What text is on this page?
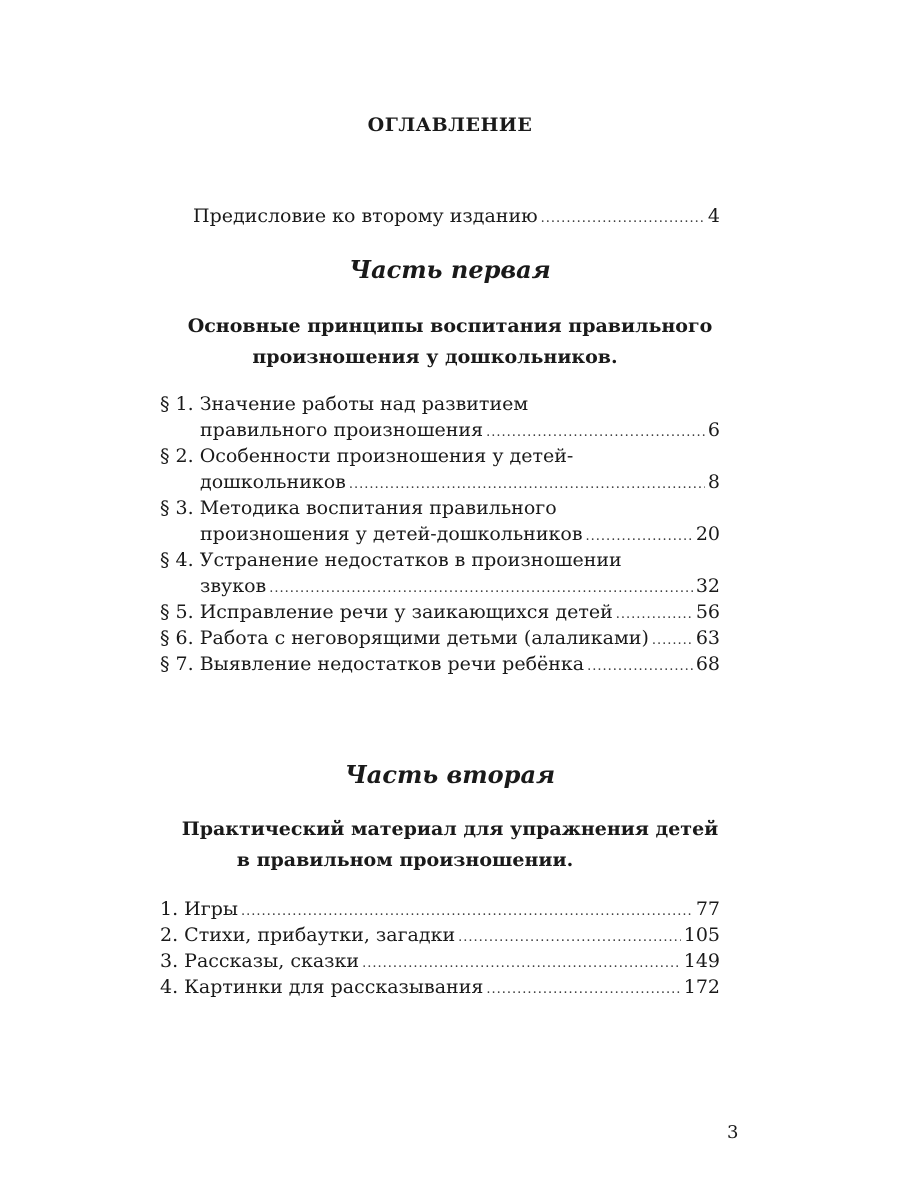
ОГЛАВЛЕНИЕ
Предисловие ко второму изданию .....	4
Часть первая
Основные принципы воспитания правильного
произношения у дошкольников.
§ 1. Значение работы над развитием
правильного произношения .....	6
§ 2. Особенности произношения у детей-
дошкольников .....	8
§ 3. Методика воспитания правильного
произношения у детей-дошкольников .....	20
§ 4. Устранение недостатков в произношении
звуков .....	32
§ 5. Исправление речи у заикающихся детей .....	56
§ 6. Работа с неговорящими детьми (алаликами) ..... 63
§ 7. Выявление недостатков речи ребёнка .....	68
Часть вторая
Практический материал для упражнения детей
в правильном произношении.
1. Игры .....	77
2. Стихи, прибаутки, загадки .....	105
3. Рассказы, сказки .....	149
4. Картинки для рассказывания .....	172
3
